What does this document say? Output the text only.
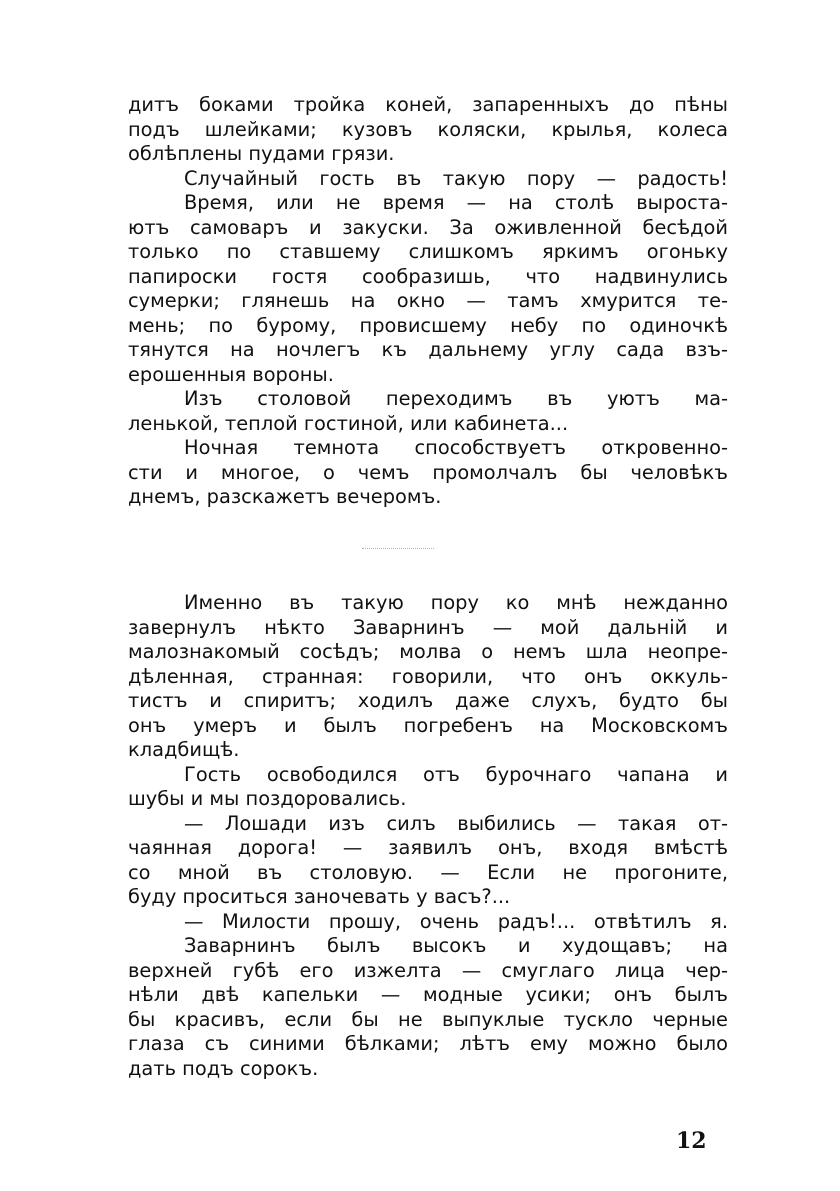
дитъ боками тройка коней, запаренныхъ до пѣны
подъ шлейками; кузовъ коляски, крылья, колеса
облѣплены пудами грязи.
Случайный гость въ такую пору — радость!
Время, или не время — на столѣ выроста-
ютъ самоваръ и закуски. За оживленной бесѣдой
только по ставшему слишкомъ яркимъ огоньку
папироски гостя сообразишь, что надвинулись
сумерки; глянешь на окно — тамъ хмурится те-
мень; по бурому, провисшему небу по одиночкѣ
тянутся на ночлегъ къ дальнему углу сада взъ-
ерошенныя вороны.
Изъ столовой переходимъ въ уютъ ма-
ленькой, теплой гостиной, или кабинета...
Ночная темнота способствуетъ откровенно-
сти и многое, о чемъ промолчалъ бы человѣкъ
днемъ, разскажетъ вечеромъ.
Именно въ такую пору ко мнѣ нежданно
завернулъ нѣкто Заварнинъ — мой дальній и
малознакомый сосѣдъ; молва о немъ шла неопре-
дѣленная, странная: говорили, что онъ оккуль-
тистъ и спиритъ; ходилъ даже слухъ, будто бы
онъ умеръ и былъ погребенъ на Московскомъ
кладбищѣ.
Гость освободился отъ бурочнаго чапана и
шубы и мы поздоровались.
— Лошади изъ силъ выбились — такая от-
чаянная дорога! — заявилъ онъ, входя вмѣстѣ
со мной въ столовую. — Если не прогоните,
буду проситься заночевать у васъ?...
— Милости прошу, очень радъ!... отвѣтилъ я.
Заварнинъ былъ высокъ и худощавъ; на
верхней губѣ его изжелта — смуглаго лица чер-
нѣли двѣ капельки — модные усики; онъ былъ
бы красивъ, если бы не выпуклые тускло черные
глаза съ синими бѣлками; лѣтъ ему можно было
дать подъ сорокъ.
12
